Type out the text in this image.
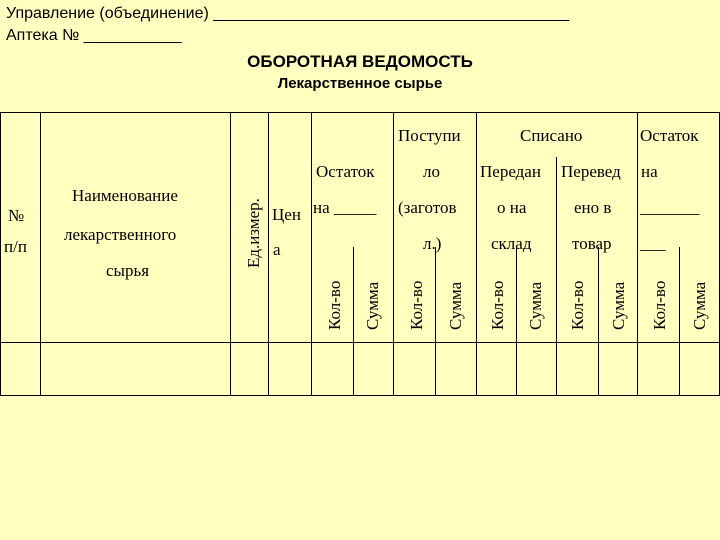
Управление (объединение) ________________________________________
Аптека № ___________
ОБОРОТНАЯ ВЕДОМОСТЬ
Лекарственное сырье
№
п/п
Наименование
лекарственного
сырья
Ед.измер. Цен
а
Остаток
на _____
Поступи
ло
(заготов
л.)
Списано
Передан
о на
склад
Перевед
ено в
товар
Остаток
на
_______
___
Кол-во Сумма Кол-во Сумма Кол-во Сумма Кол-во Сумма Кол-во Сумма
